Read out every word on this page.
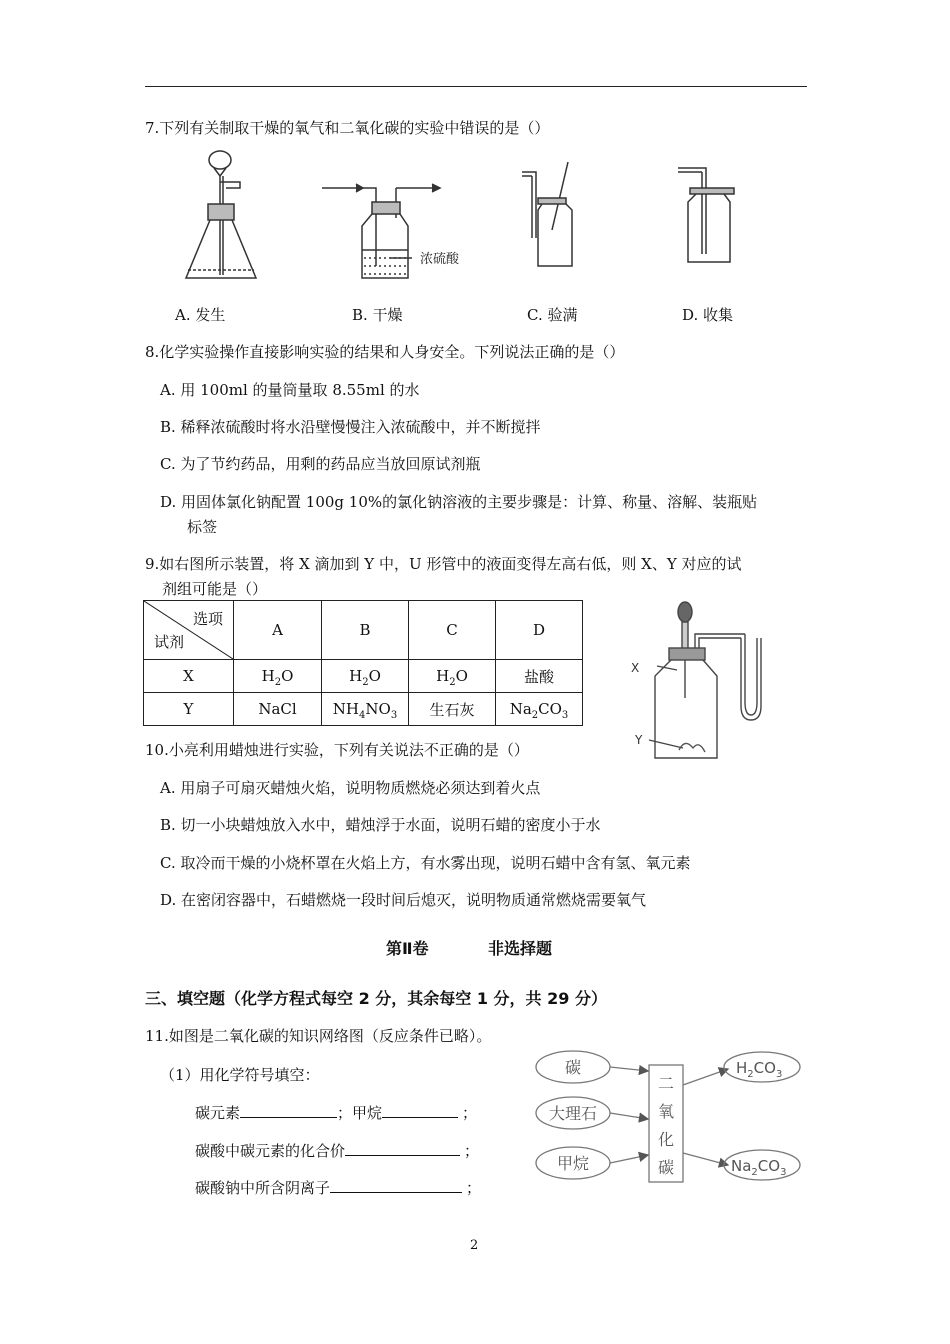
7.下列有关制取干燥的氧气和二氧化碳的实验中错误的是（）
浓硫酸
A. 发生	B. 干燥	C. 验满	D. 收集
8.化学实验操作直接影响实验的结果和人身安全。下列说法正确的是（）
A. 用 100ml 的量筒量取 8.55ml 的水
B. 稀释浓硫酸时将水沿壁慢慢注入浓硫酸中，并不断搅拌
C. 为了节约药品，用剩的药品应当放回原试剂瓶
D. 用固体氯化钠配置 100g 10%的氯化钠溶液的主要步骤是：计算、称量、溶解、装瓶贴
标签
9.如右图所示装置，将 X 滴加到 Y 中，U 形管中的液面变得左高右低，则 X、Y 对应的试
剂组可能是（）
选项
试剂	A	B	C	D
X	$H_2O$	$H_2O$	$H_2O$	盐酸
Y	NaCl	$NH_4NO_3$	生石灰	$Na_2CO_3$
X
Y
10.小亮利用蜡烛进行实验，下列有关说法不正确的是（）
A. 用扇子可扇灭蜡烛火焰，说明物质燃烧必须达到着火点
B. 切一小块蜡烛放入水中，蜡烛浮于水面，说明石蜡的密度小于水
C. 取冷而干燥的小烧杯罩在火焰上方，有水雾出现，说明石蜡中含有氢、氧元素
D. 在密闭容器中，石蜡燃烧一段时间后熄灭，说明物质通常燃烧需要氧气
第Ⅱ卷	非选择题
三、填空题（化学方程式每空 2 分，其余每空 1 分，共 29 分）
11.如图是二氧化碳的知识网络图（反应条件已略）。
（1）用化学符号填空：
碳元素	；甲烷	；
碳酸中碳元素的化合价	；
碳酸钠中所含阴离子	；
碳
大理石
甲烷
二
氧
化
碳
$H_2CO_3$
$Na_2CO_3$
2
